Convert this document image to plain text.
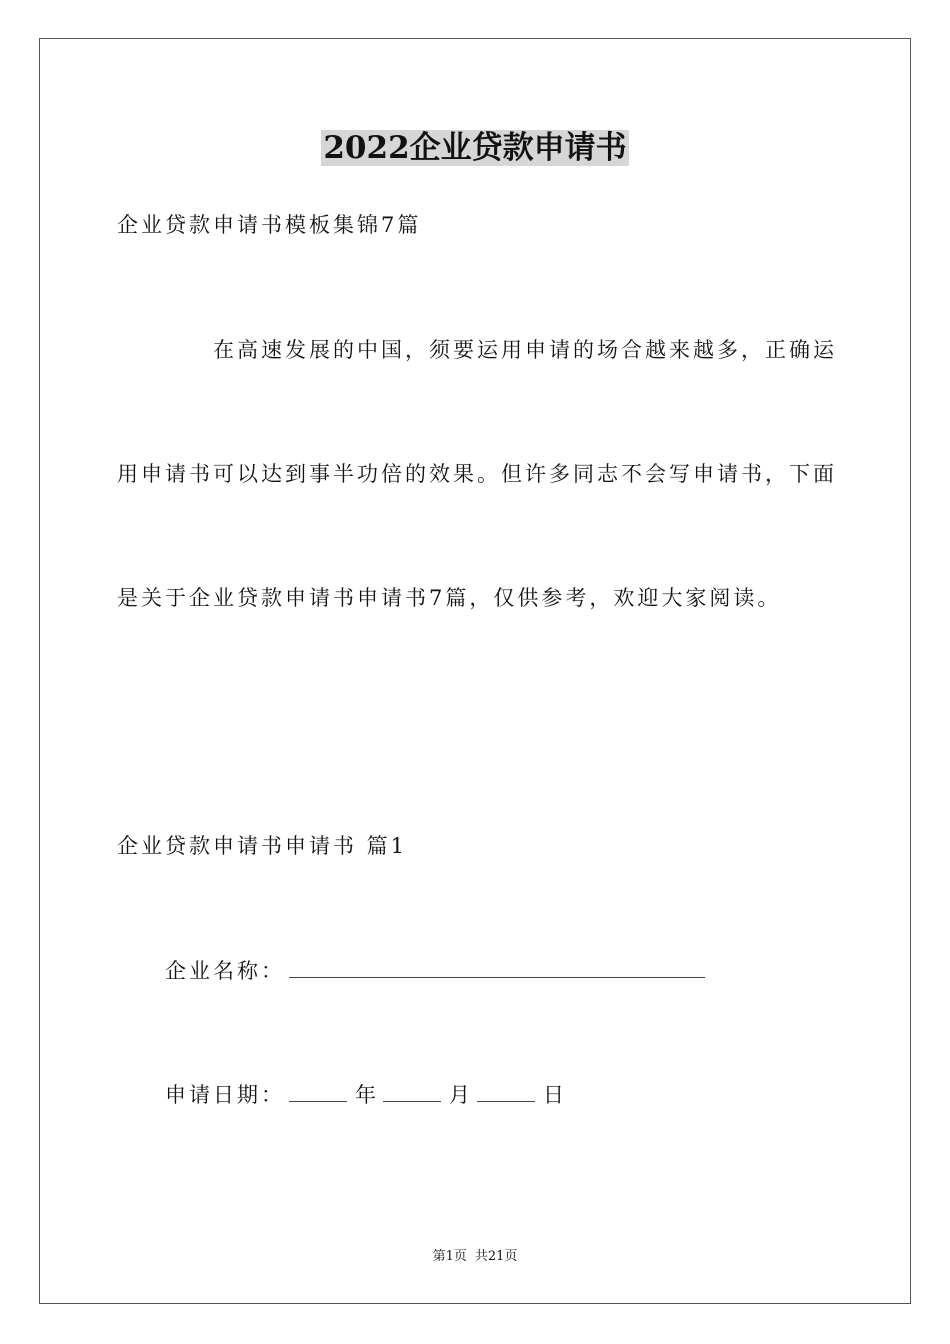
2022企业贷款申请书

企业贷款申请书模板集锦7篇

在高速发展的中国，须要运用申请的场合越来越多，正确运

用申请书可以达到事半功倍的效果。但许多同志不会写申请书，下面

是关于企业贷款申请书申请书7篇，仅供参考，欢迎大家阅读。

企业贷款申请书申请书 篇1

企业名称：

申请日期：	年	月	日

第1页 共21页
